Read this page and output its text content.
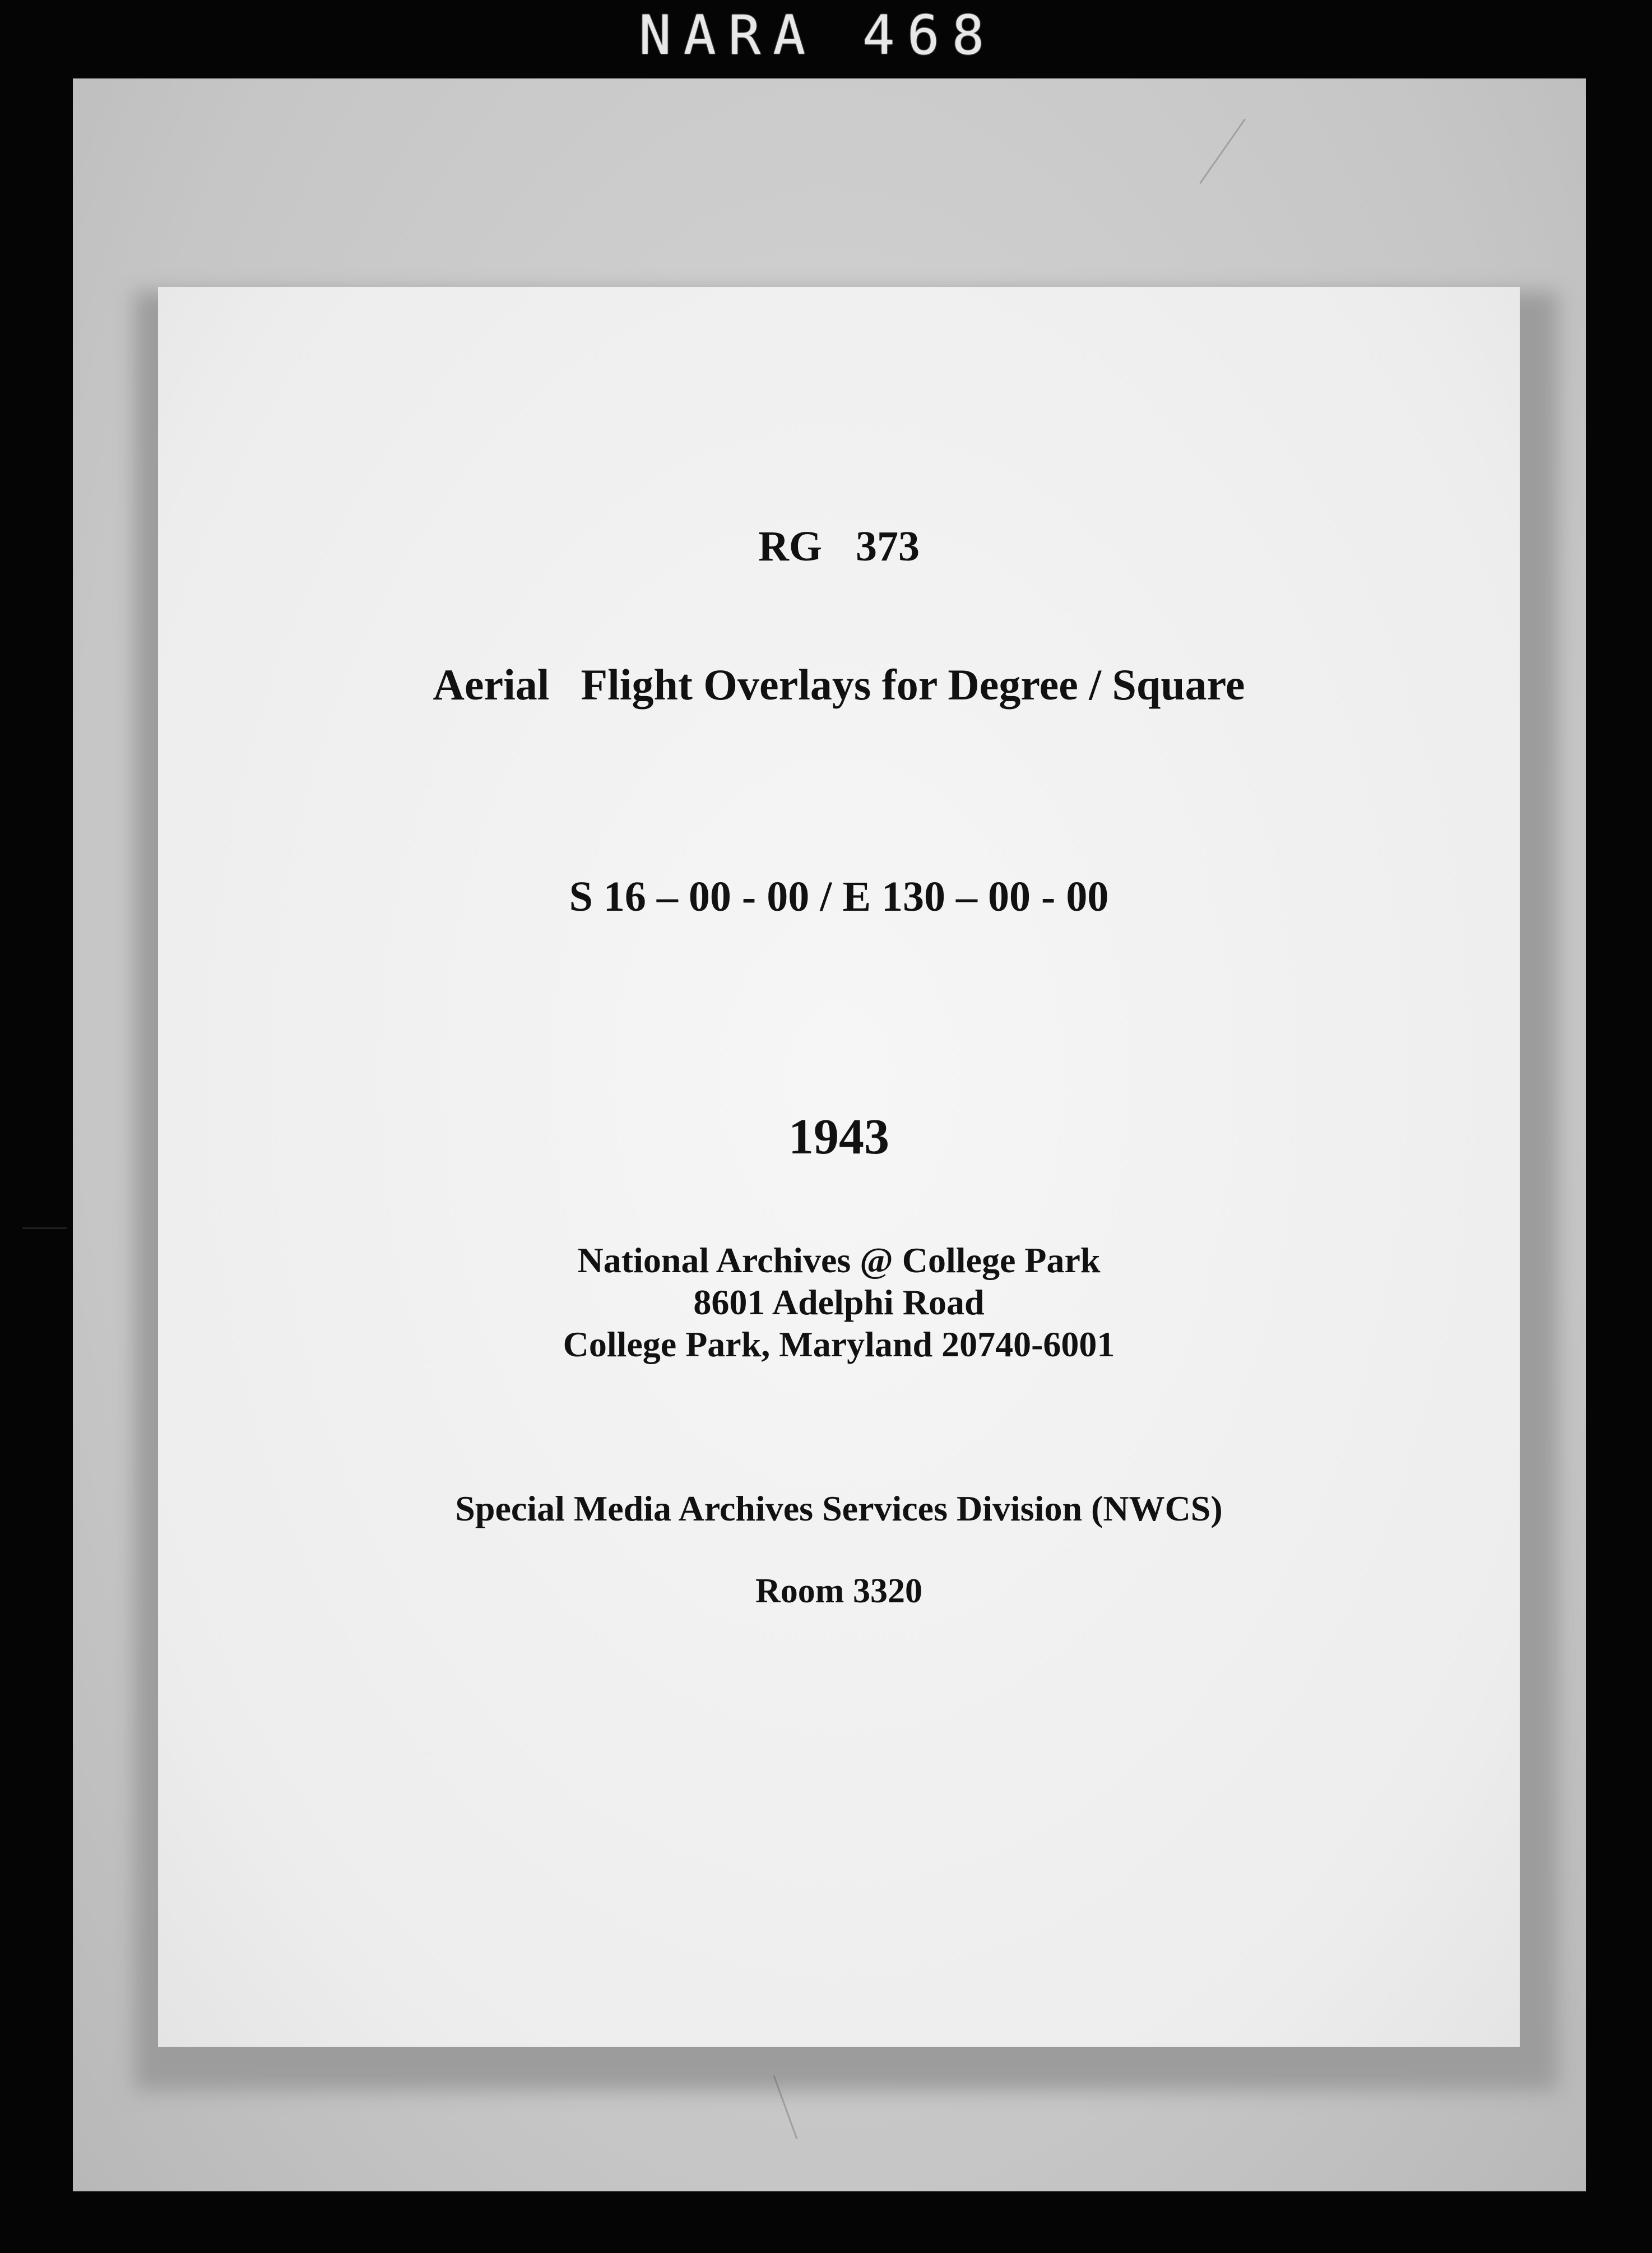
NARA 468
RG 373
Aerial Flight Overlays for Degree / Square
S 16 – 00 - 00 / E 130 – 00 - 00
1943
National Archives @ College Park
8601 Adelphi Road
College Park, Maryland 20740-6001
Special Media Archives Services Division (NWCS)
Room 3320
